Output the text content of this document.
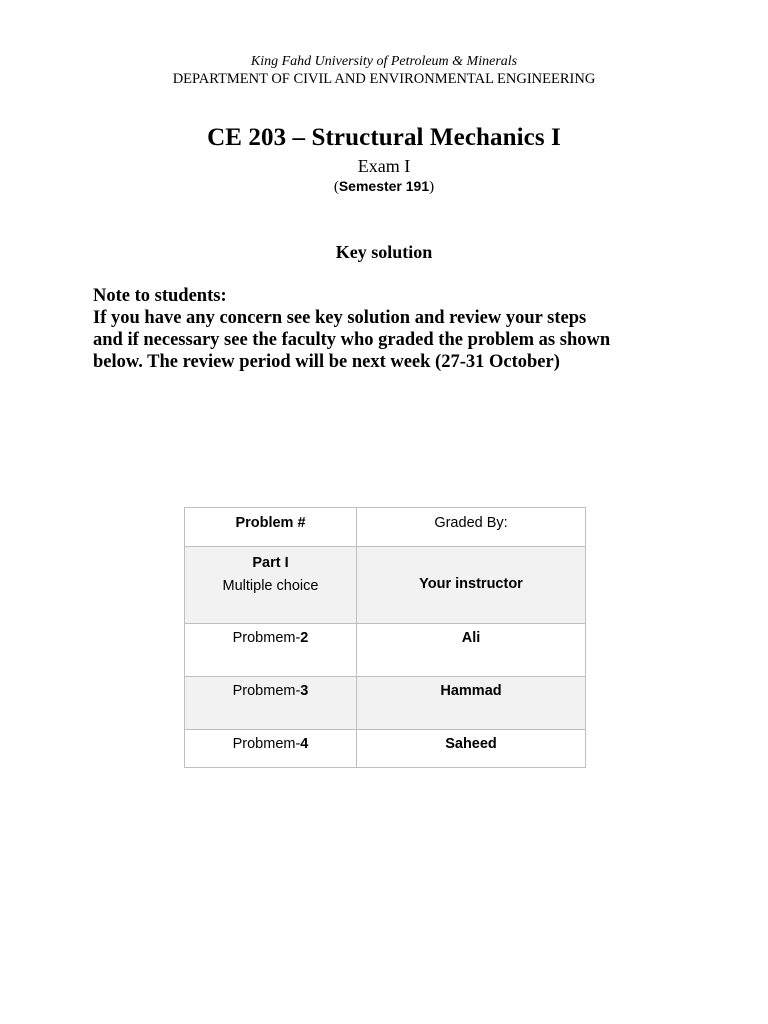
King Fahd University of Petroleum & Minerals
DEPARTMENT OF CIVIL AND ENVIRONMENTAL ENGINEERING
CE 203 – Structural Mechanics I
Exam I
(Semester 191)
Key solution

Note to students:

If you have any concern see key solution and review your steps

and if necessary see the faculty who graded the problem as shown

below. The review period will be next week (27-31 October)

Problem #	Graded By:

Part I
Multiple choice	Your instructor

Probmem-2	Ali

Probmem-3	Hammad

Probmem-4	Saheed
